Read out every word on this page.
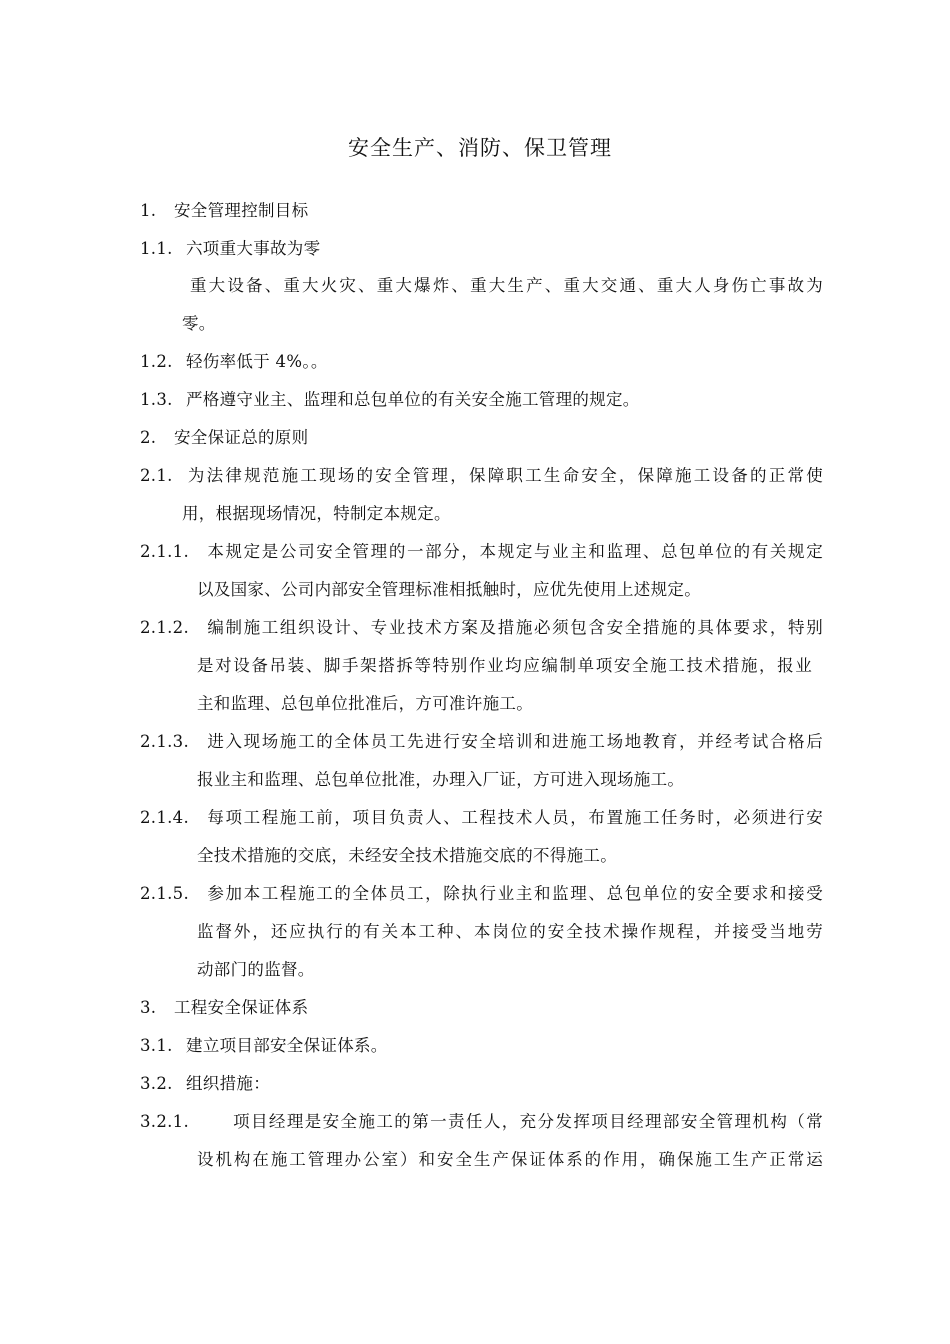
安全生产、消防、保卫管理
1. 安全管理控制目标
1.1. 六项重大事故为零
重大设备、重大火灾、重大爆炸、重大生产、重大交通、重大人身伤亡事故为
零。
1.2. 轻伤率低于 4%。。
1.3. 严格遵守业主、监理和总包单位的有关安全施工管理的规定。
2. 安全保证总的原则
2.1. 为法律规范施工现场的安全管理，保障职工生命安全，保障施工设备的正常使
用，根据现场情况，特制定本规定。
2.1.1. 本规定是公司安全管理的一部分，本规定与业主和监理、总包单位的有关规定
以及国家、公司内部安全管理标准相抵触时，应优先使用上述规定。
2.1.2. 编制施工组织设计、专业技术方案及措施必须包含安全措施的具体要求，特别
是对设备吊装、脚手架搭拆等特别作业均应编制单项安全施工技术措施，报业
主和监理、总包单位批准后，方可准许施工。
2.1.3. 进入现场施工的全体员工先进行安全培训和进施工场地教育，并经考试合格后
报业主和监理、总包单位批准，办理入厂证，方可进入现场施工。
2.1.4. 每项工程施工前，项目负责人、工程技术人员，布置施工任务时，必须进行安
全技术措施的交底，未经安全技术措施交底的不得施工。
2.1.5. 参加本工程施工的全体员工，除执行业主和监理、总包单位的安全要求和接受
监督外，还应执行的有关本工种、本岗位的安全技术操作规程，并接受当地劳
动部门的监督。
3. 工程安全保证体系
3.1. 建立项目部安全保证体系。
3.2. 组织措施：
3.2.1.	项目经理是安全施工的第一责任人，充分发挥项目经理部安全管理机构（常
设机构在施工管理办公室）和安全生产保证体系的作用，确保施工生产正常运
